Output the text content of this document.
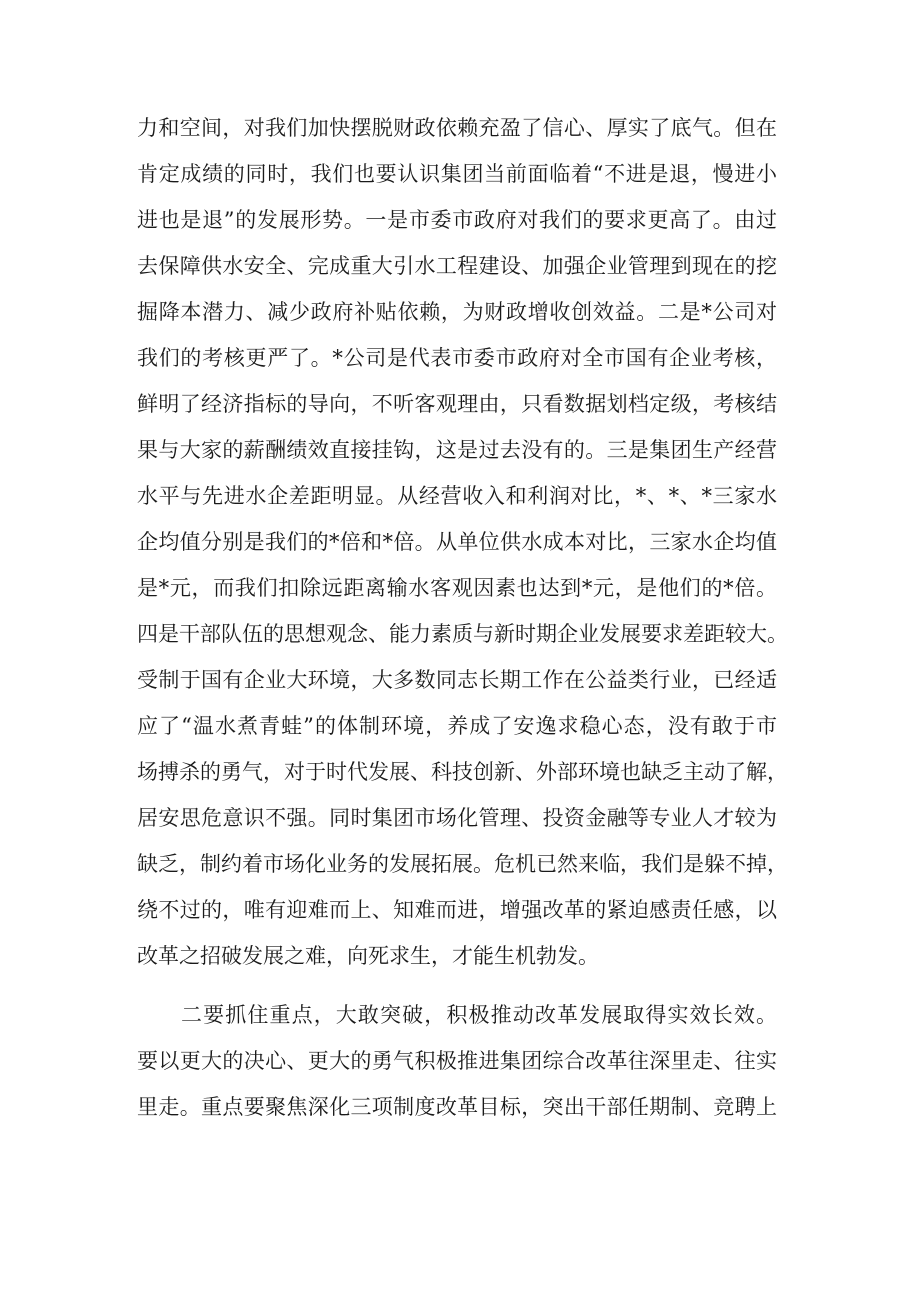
力和空间，对我们加快摆脱财政依赖充盈了信心、厚实了底气。但在

肯定成绩的同时，我们也要认识集团当前面临着“不进是退，慢进小

进也是退”的发展形势。一是市委市政府对我们的要求更高了。由过

去保障供水安全、完成重大引水工程建设、加强企业管理到现在的挖

掘降本潜力、减少政府补贴依赖，为财政增收创效益。二是*公司对

我们的考核更严了。*公司是代表市委市政府对全市国有企业考核，

鲜明了经济指标的导向，不听客观理由，只看数据划档定级，考核结

果与大家的薪酬绩效直接挂钩，这是过去没有的。三是集团生产经营

水平与先进水企差距明显。从经营收入和利润对比，*、*、*三家水

企均值分别是我们的*倍和*倍。从单位供水成本对比，三家水企均值

是*元，而我们扣除远距离输水客观因素也达到*元，是他们的*倍。

四是干部队伍的思想观念、能力素质与新时期企业发展要求差距较大。

受制于国有企业大环境，大多数同志长期工作在公益类行业，已经适

应了“温水煮青蛙”的体制环境，养成了安逸求稳心态，没有敢于市

场搏杀的勇气，对于时代发展、科技创新、外部环境也缺乏主动了解，

居安思危意识不强。同时集团市场化管理、投资金融等专业人才较为

缺乏，制约着市场化业务的发展拓展。危机已然来临，我们是躲不掉，

绕不过的，唯有迎难而上、知难而进，增强改革的紧迫感责任感，以

改革之招破发展之难，向死求生，才能生机勃发。

二要抓住重点，大敢突破，积极推动改革发展取得实效长效。

要以更大的决心、更大的勇气积极推进集团综合改革往深里走、往实

里走。重点要聚焦深化三项制度改革目标，突出干部任期制、竞聘上
